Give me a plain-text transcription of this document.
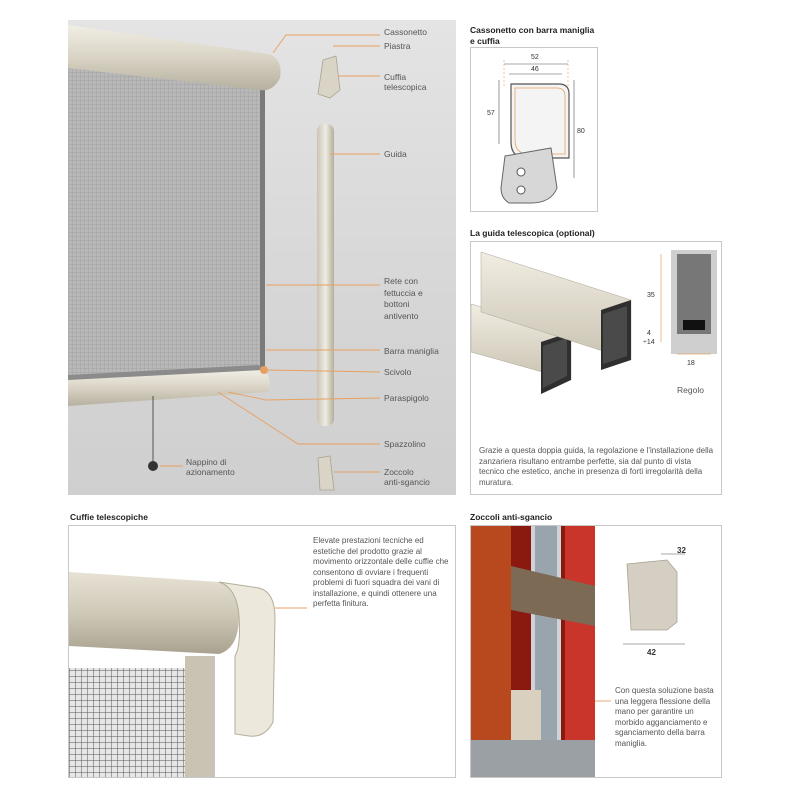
Cassonetto
Piastra
Cuffia
telescopica
Guida
Rete con
fettuccia e
bottoni
antivento
Barra maniglia
Scivolo
Paraspigolo
Spazzolino
Nappino di
azionamento	Zoccolo
anti-sgancio
Cassonetto con barra maniglia
e cuffia
52
46
57
80
La guida telescopica (optional)
35
4
÷14
18
Regolo
Grazie a questa doppia guida, la regolazione e l'installazione della zanzariera risultano entrambe perfette, sia dal punto di vista tecnico che estetico, anche in presenza di forti irregolarità della muratura.
Cuffie telescopiche
Elevate prestazioni tecniche ed estetiche del prodotto grazie al movimento orizzontale delle cuffie che consentono di ovviare i frequenti problemi di fuori squadra dei vani di installazione, e quindi ottenere una perfetta finitura.
Zoccoli anti-sgancio
32
42
Con questa soluzione basta una leggera flessione della mano per garantire un morbido agganciamento e sganciamento della barra maniglia.
